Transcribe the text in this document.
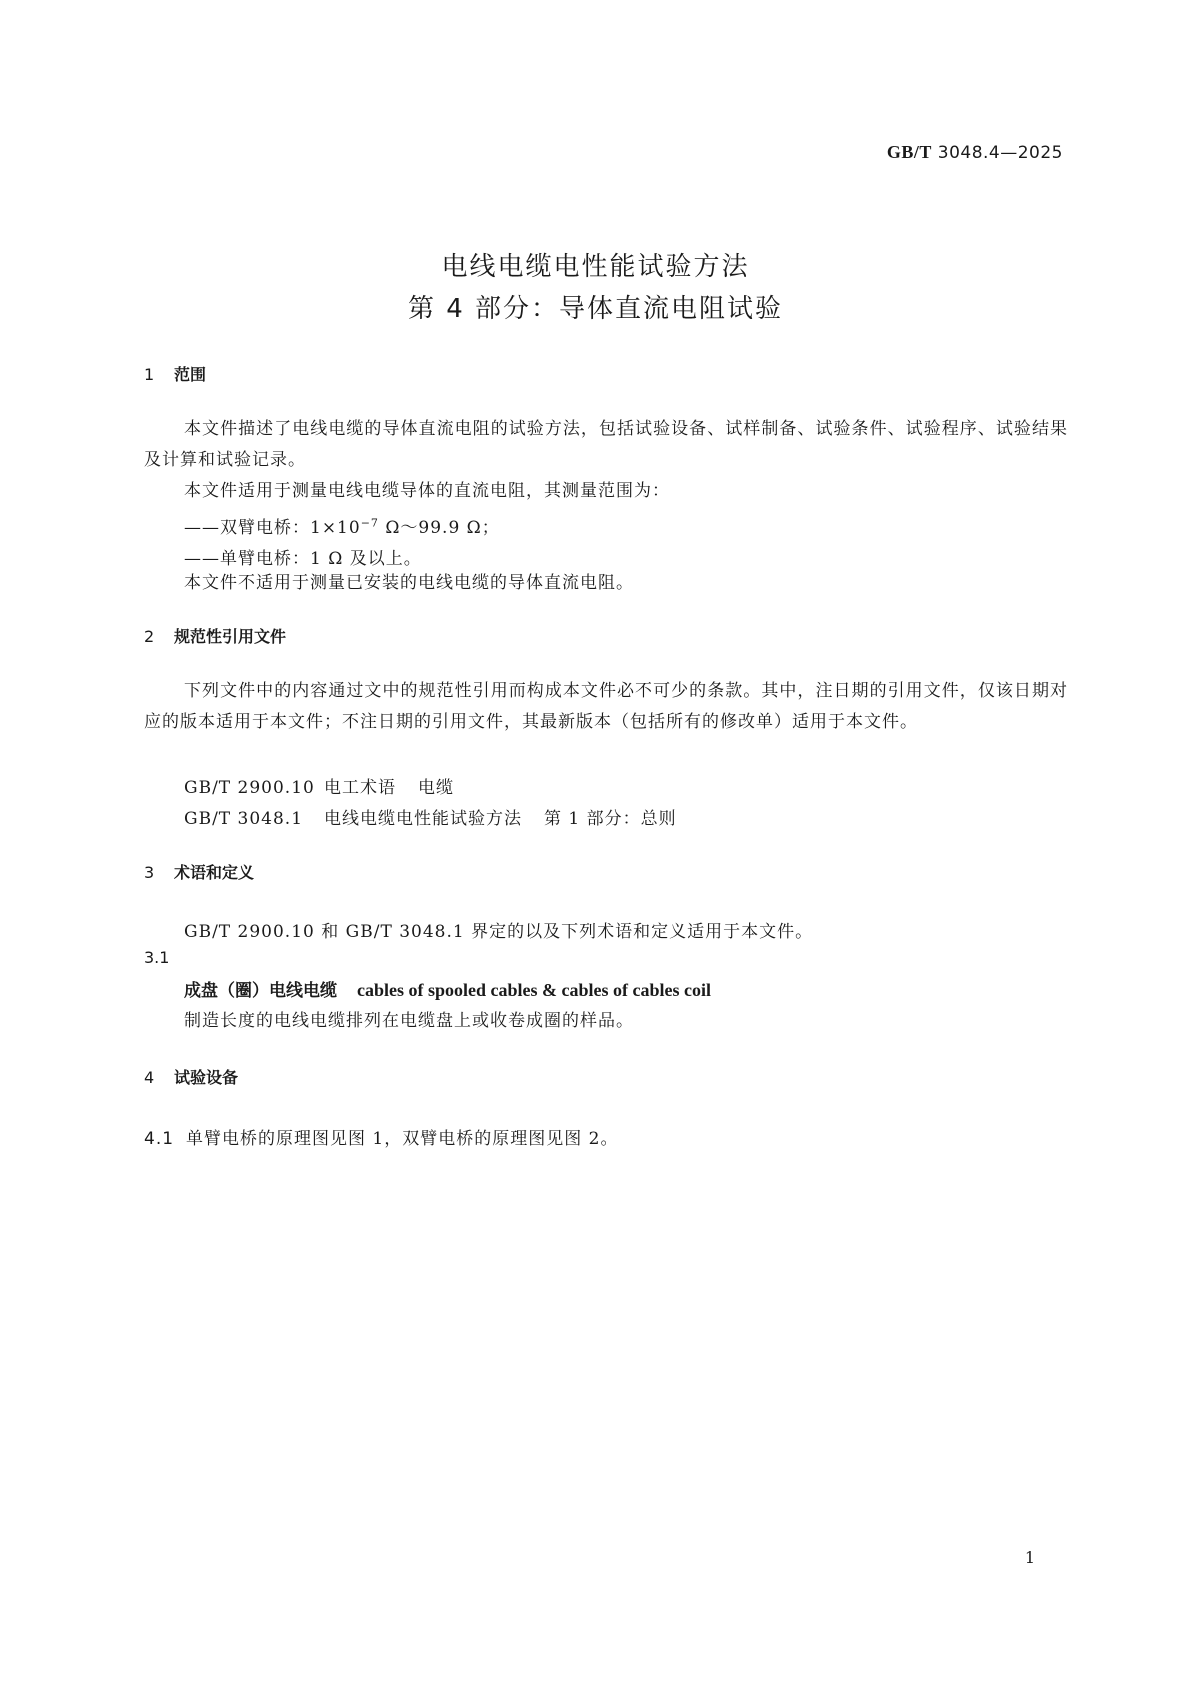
GB/T 3048.4—2025
电线电缆电性能试验方法
第 4 部分：导体直流电阻试验
1 范围
本文件描述了电线电缆的导体直流电阻的试验方法，包括试验设备、试样制备、试验条件、试验程序、试验结果及计算和试验记录。
本文件适用于测量电线电缆导体的直流电阻，其测量范围为：
——双臂电桥：$1\times 10^{-7}$ Ω～99.9 Ω；
——单臂电桥：1 Ω 及以上。
本文件不适用于测量已安装的电线电缆的导体直流电阻。
2 规范性引用文件
下列文件中的内容通过文中的规范性引用而构成本文件必不可少的条款。其中，注日期的引用文件，仅该日期对应的版本适用于本文件；不注日期的引用文件，其最新版本（包括所有的修改单）适用于本文件。
GB/T 2900.10 电工术语 电缆
GB/T 3048.1 电线电缆电性能试验方法 第 1 部分：总则
3 术语和定义
GB/T 2900.10 和 GB/T 3048.1 界定的以及下列术语和定义适用于本文件。
3.1
成盘（圈）电线电缆 cables of spooled cables & cables of cables coil
制造长度的电线电缆排列在电缆盘上或收卷成圈的样品。
4 试验设备
4.1 单臂电桥的原理图见图 1，双臂电桥的原理图见图 2。
1
